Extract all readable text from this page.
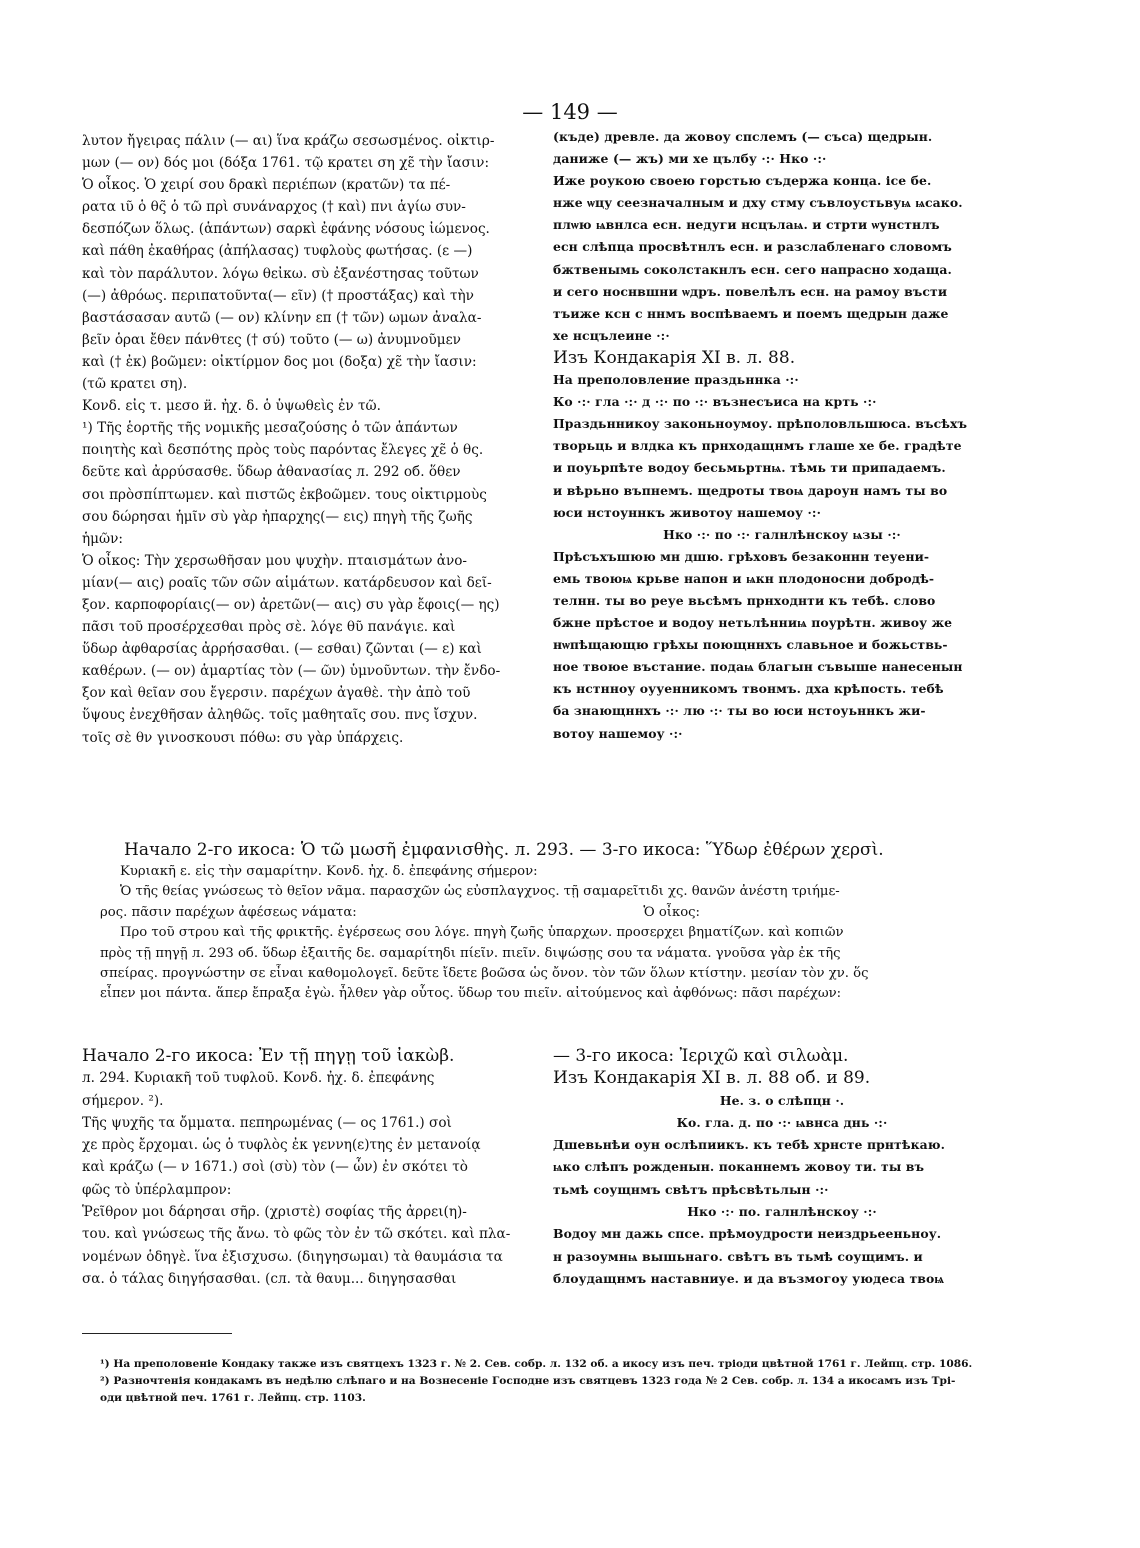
— 149 —
λυτον ἤγειρας πάλιν (— αι) ἵνα κράζω σεσωσμένος. οἰκτιρ-
μων (— ον) δός μοι (δόξα 1761. τῷ κρατει ση χε̃ τὴν ἴασιν:
Ὁ οἶκος. Ὁ χειρί σου δρακὶ περιέπων (κρατῶν) τα πέ-
ρατα ιῦ ὁ θς̃ ὁ τῶ πρὶ συνάναρχος († καὶ) πνι ἁγίω συν-
δεσπόζων ὅλως. (ἁπάντων) σαρκὶ ἐφάνης νόσους ἰώμενος.
καὶ πάθη ἐκαθήρας (ἀπήλασας) τυφλοὺς φωτήσας. (ε —)
καὶ τὸν παράλυτον. λόγω θεἰκω. σὺ ἐξανέστησας τοῦτων
(—) ἀθρόως. περιπατοῦντα(— εῖν) († προστάξας) καὶ τὴν
βαστάσασαν αυτῶ (— ον) κλίνην επ († τῶν) ωμων ἀναλα-
βεῖν ὁραι ἔθεν πάνθτες († σύ) τοῦτο (— ω) ἀνυμνοῦμεν
καὶ († ἐκ) βοῶμεν: οἰκτίρμον δος μοι (δοξα) χε̃ τὴν ἴασιν:
(τῶ κρατει ση).
Κονδ. εἰς τ. μεσο ӥ. ἠχ. δ. ὁ ὑψωθεὶς ἐν τῶ.
¹) Τῆς ἑορτῆς τῆς νομικῆς μεσαζούσης ὁ τῶν ἁπάντων
ποιητὴς καὶ δεσπότης πρὸς τοὺς παρόντας ἔλεγες χε̃ ὁ θς.
δεῦτε καὶ ἀρρύσασθε. ὕδωρ ἀθανασίας л. 292 об. ὅθεν
σοι πρὸσπίπτωμεν. καὶ πιστῶς ἐκβοῶμεν. τους οἰκτιρμοὺς
σου δώρησαι ἡμῖν σὺ γὰρ ἠπαρχης(— εις) πηγὴ τῆς ζωῆς
ἡμῶν:
Ὁ οἶκος: Τὴν χερσωθῆσαν μου ψυχὴν. πταισμάτων ἀνο-
μίαν(— αις) ροαῖς τῶν σῶν αἱμάτων. κατάρδευσον καὶ δεῖ-
ξον. καρποφορίαις(— ον) ἀρετῶν(— αις) συ γὰρ ἔφοις(— ης)
πᾶσι τοῦ προσέρχεσθαι πρὸς σὲ. λόγε θῦ πανάγιε. καὶ
ὕδωρ ἀφθαρσίας ἀρρήσασθαι. (— εσθαι) ζῶνται (— ε) καὶ
καθέρων. (— ον) ἁμαρτίας τὸν (— ῶν) ὑμνοῦντων. τὴν ἔνδο-
ξον καὶ θεῖαν σου ἔγερσιν. παρέχων ἀγαθὲ. τὴν ἀπὸ τοῦ
ὕψους ἐνεχθῆσαν ἀληθῶς. τοῖς μαθηταῖς σου. πνς ἴσχυν.
τοῖς σὲ θν γινοσκουσι πόθω: συ γὰρ ὑπάρχεις.
(къде) древле. да жовоу спслемъ (— съса) щедрын.
даниже (— жъ) ми хе цълбу ·:· Нко ·:·
Иже роукою своею горстью съдержа конца. ісе бе.
нже ѡцу сеезначалным и дху стму съвлоустьвуѩ ѩсако.
плѡю ѩвнлса есн. недуги нсцълаѩ. и стрти ѡунстнлъ
есн слѣпца просвѣтнлъ есн. и разслабленаго словомъ
бжтвенымь соколстакнлъ есн. сего напрасно ходаща.
и сего носнвшни ѡдръ. повелѣлъ есн. на рамоу въсти
тъиже ксн с ннмъ воспѣваемъ и поемъ щедрын даже
хе нсцълеине ·:·
Изъ Кондакарія XI в. л. 88.
На преполовление праздьннка ·:·
Ко ·:· гла ·:· д ·:· по ·:· възнесъиса на крть ·:·
Праздьнникоу законьноумоу. прѣполовльшюса. въсѣхъ
творьць и влдка къ прнходащнмъ глаше хе бе. градѣте
и поуьрпѣте водоу бесьмьртнѩ. тѣмь ти припадаемъ.
и вѣрьно въпнемъ. щедроты твоѩ дароун намъ ты во
юси нстоуннкъ животоу нашемоу ·:·
Нко ·:· по ·:· галнлѣнскоу ѩзы ·:·
Прѣсъхъшюю мн дшю. грѣховъ безаконнн теуени-
емь твоюѩ крьве напон и ѩкн плодоносни добродѣ-
телнн. ты во реуе вьсѣмъ прнходнти къ тебѣ. слово
бжне прѣстое и водоу нетьлѣнниѩ поурѣтн. живоу же
нѡпѣщающю грѣхы поющннхъ славьное и божьствь-
ное твоюе въстание. подаѩ благын съвыше нанесенын
къ нстнноу оууенникомъ твонмъ. дха крѣпость. тебѣ
ба знающннхъ ·:· лю ·:· ты во юси нстоуьннкъ жи-
вотоу нашемоу ·:·
Начало 2-го икоса: Ὁ τῶ μωσῆ ἐμφανισθὴς. л. 293. — 3-го икоса: Ὕδωρ ἐθέρων χερσὶ.
Κυριακῆ ε. εἰς τὴν σαμαρίτην. Κονδ. ἠχ. δ. ἐπεφάνης σήμερον:
Ὁ τῆς θείας γνώσεως τὸ θεῖον νᾶμα. παρασχῶν ὡς εὐσπλαγχνος. τῇ σαμαρεῖτιδι χς. θανῶν ἀνέστη τριήμε-
ρος. πᾶσιν παρέχων ἀφέσεως νάματα:	Ὁ οἶκος:
Προ τοῦ στρου καὶ τῆς φρικτῆς. ἐγέρσεως σου λόγε. πηγὴ ζωῆς ὑπαρχων. προσερχει βηματίζων. καὶ κοπιῶν
πρὸς τῇ πηγῇ л. 293 об. ὕδωρ ἐξαιτῆς δε. σαμαρίτηδι πίεῖν. πιεῖν. διψώσῃς σου τα νάματα. γνοῦσα γὰρ ἐκ τῆς
σπείρας. προγνώστην σε εἶναι καθομολογεῖ. δεῦτε ἴδετε βοῶσα ὡς ὄνον. τὸν τῶν ὅλων κτίστην. μεσίαν τὸν χν. ὅς
εἶπεν μοι πάντα. ἅπερ ἔπραξα ἐγὼ. ἦλθεν γὰρ οὗτος. ὕδωρ του πιεῖν. αἰτούμενος καὶ ἀφθόνως: πᾶσι παρέχων:
Начало 2-го икоса: Ἐν τῇ πηγῃ τοῦ ἰακὼβ.
л. 294. Κυριακῆ τοῦ τυφλοῦ. Κονδ. ἠχ. δ. ἐπεφάνης
σήμερον. ²).
Τῆς ψυχῆς τα ὄμματα. πεπηρωμένας (— ος 1761.) σοὶ
χε πρὸς ἔρχομαι. ὡς ὁ τυφλὸς ἐκ γεννη(ε)της ἐν μετανοίᾳ
καὶ κράζω (— ν 1671.) σοὶ (σὺ) τὸν (— ὧν) ἐν σκότει τὸ
φῶς τὸ ὑπέρλαμπρον:
Ῥεῖθρον μοι δάρησαι σῆρ. (χριστὲ) σοφίας τῆς ἀρρει(η)-
του. καὶ γνώσεως τῆς ἄνω. τὸ φῶς τὸν ἐν τῶ σκότει. καὶ πλα-
νομένων ὁδηγὲ. ἵνα ἐξισχυσω. (διηγησωμαι) τὰ θαυμάσια τα
σα. ὁ τάλας διηγήσασθαι. (сл. τὰ θαυμ... διηγησασθαι
— 3-го икоса: Ἰεριχῶ καὶ σιλωὰμ.
Изъ Кондакарія XI в. л. 88 об. и 89.
Не. з. о слѣпцн ·.
Ко. гла. д. по ·:· ѩвнса днь ·:·
Дшевьнѣи оун ослѣпиикъ. къ тебѣ хрнсте прнтѣкаю.
ѩко слѣпъ рожденын. поканнемъ жовоу ти. ты въ
тьмѣ соущнмъ свѣтъ прѣсвѣтьлын ·:·
Нко ·:· по. галнлѣнскоу ·:·
Водоу мн дажь спсе. прѣмоудрости неиздрьееньноу.
н разоумнѩ вышьнаго. свѣтъ въ тьмѣ соущимъ. и
блоудащнмъ наставниуе. и да възмогоу уюдеса твоѩ
¹) На преполовеніе Кондаку также изъ святцехъ 1323 г. № 2. Сев. собр. л. 132 об. а икосу изъ печ. тріоди цвѣтной 1761 г. Лейпц. стр. 1086.
²) Разночтенія кондакамъ въ недѣлю слѣпаго и на Вознесеніе Господне изъ святцевъ 1323 года № 2 Сев. собр. л. 134 а икосамъ изъ Трі-
оди цвѣтной печ. 1761 г. Лейпц. стр. 1103.
